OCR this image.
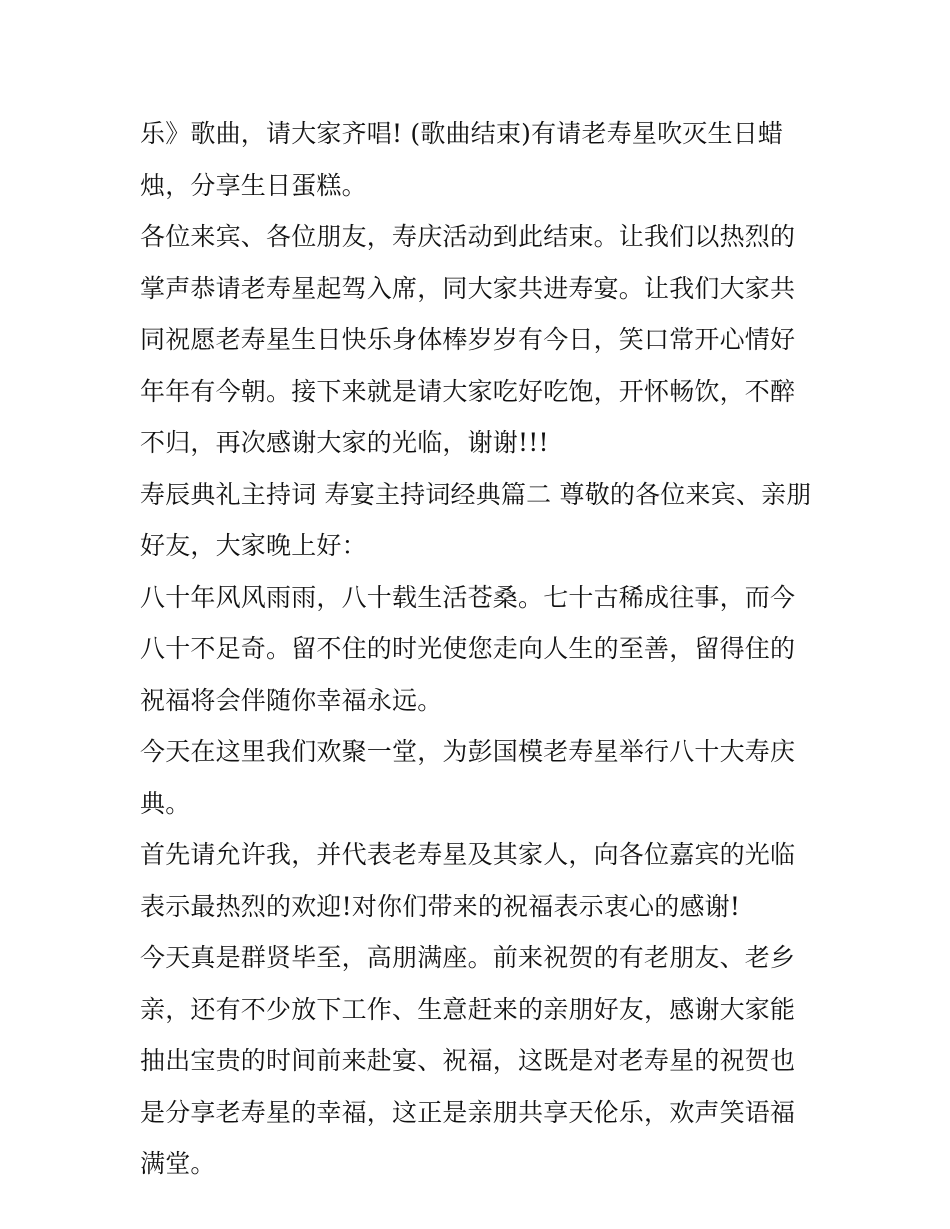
乐》歌曲，请大家齐唱! (歌曲结束)有请老寿星吹灭生日蜡烛，分享生日蛋糕。

各位来宾、各位朋友，寿庆活动到此结束。让我们以热烈的掌声恭请老寿星起驾入席，同大家共进寿宴。让我们大家共同祝愿老寿星生日快乐身体棒岁岁有今日，笑口常开心情好年年有今朝。接下来就是请大家吃好吃饱，开怀畅饮，不醉不归，再次感谢大家的光临，谢谢!!!

寿辰典礼主持词 寿宴主持词经典篇二 尊敬的各位来宾、亲朋好友，大家晚上好：

八十年风风雨雨，八十载生活苍桑。七十古稀成往事，而今八十不足奇。留不住的时光使您走向人生的至善，留得住的祝福将会伴随你幸福永远。

今天在这里我们欢聚一堂，为彭国模老寿星举行八十大寿庆典。

首先请允许我，并代表老寿星及其家人，向各位嘉宾的光临表示最热烈的欢迎!对你们带来的祝福表示衷心的感谢!

今天真是群贤毕至，高朋满座。前来祝贺的有老朋友、老乡亲，还有不少放下工作、生意赶来的亲朋好友，感谢大家能抽出宝贵的时间前来赴宴、祝福，这既是对老寿星的祝贺也是分享老寿星的幸福，这正是亲朋共享天伦乐，欢声笑语福满堂。
